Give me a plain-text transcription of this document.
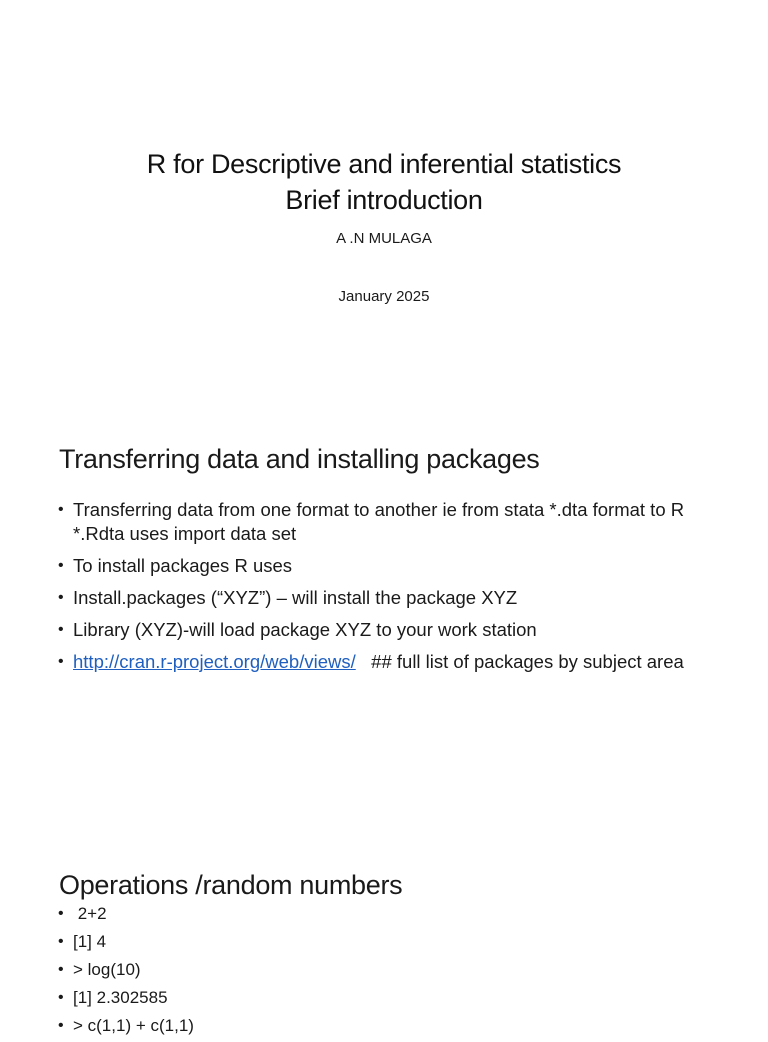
R for Descriptive and inferential statistics
Brief introduction
A .N MULAGA
January 2025
Transferring data and installing packages
• Transferring data from one format to another ie from stata *.dta format to R *.Rdta uses import data set
• To install packages R uses
• Install.packages (“XYZ”) – will install the package XYZ
• Library (XYZ)-will load package XYZ to your work station
• http://cran.r-project.org/web/views/   ## full list of packages by subject area
Operations /random numbers
• 2+2
• [1] 4
• > log(10)
• [1] 2.302585
• > c(1,1) + c(1,1)
